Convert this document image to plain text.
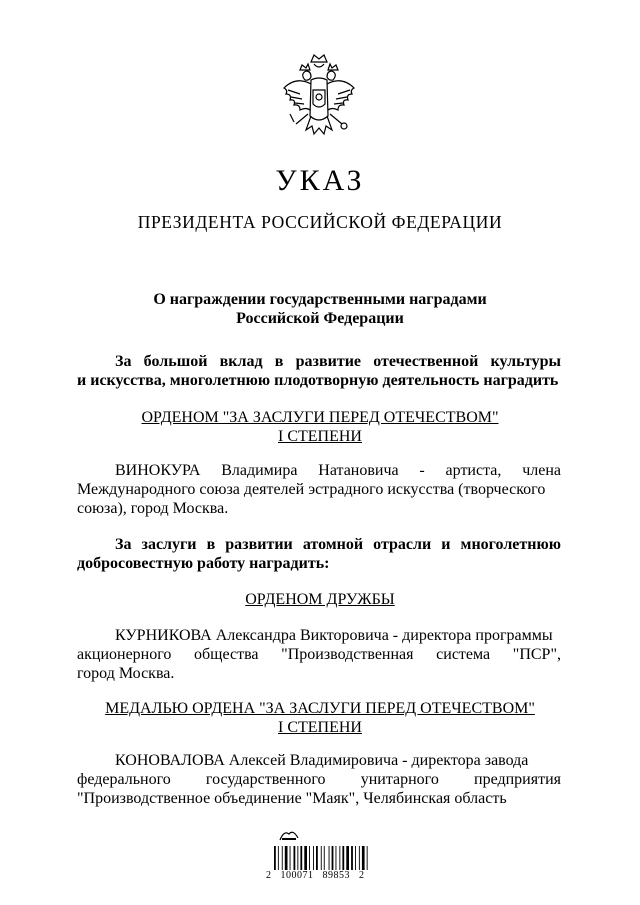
УКАЗ
ПРЕЗИДЕНТА РОССИЙСКОЙ ФЕДЕРАЦИИ
О награждении государственными наградами
Российской Федерации
За большой вклад в развитие отечественной культуры
и искусства, многолетнюю плодотворную деятельность наградить
ОРДЕНОМ "ЗА ЗАСЛУГИ ПЕРЕД ОТЕЧЕСТВОМ"
I СТЕПЕНИ
ВИНОКУРА Владимира Натановича - артиста, члена
Международного союза деятелей эстрадного искусства (творческого
союза), город Москва.
За заслуги в развитии атомной отрасли и многолетнюю
добросовестную работу наградить:
ОРДЕНОМ ДРУЖБЫ
КУРНИКОВА Александра Викторовича - директора программы
акционерного общества "Производственная система "ПСР",
город Москва.
МЕДАЛЬЮ ОРДЕНА "ЗА ЗАСЛУГИ ПЕРЕД ОТЕЧЕСТВОМ"
I СТЕПЕНИ
КОНОВАЛОВА Алексей Владимировича - директора завода
федерального государственного унитарного предприятия
"Производственное объединение "Маяк", Челябинская область
2 100071 89853 2
